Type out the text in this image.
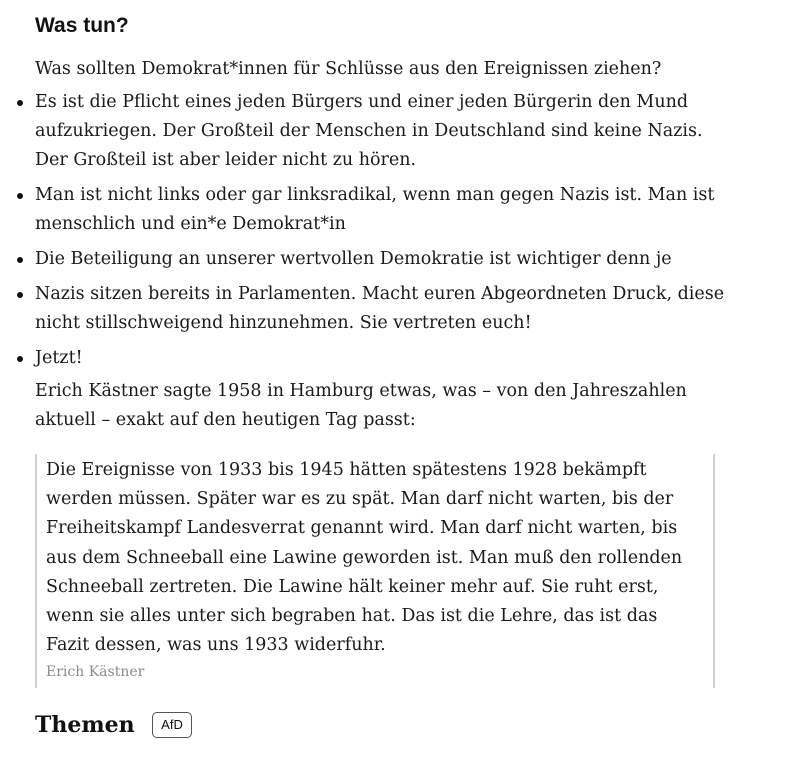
Was tun?

Was sollten Demokrat*innen für Schlüsse aus den Ereignissen ziehen?

Es ist die Pflicht eines jeden Bürgers und einer jeden Bürgerin den Mund aufzukriegen. Der Großteil der Menschen in Deutschland sind keine Nazis. Der Großteil ist aber leider nicht zu hören.
Man ist nicht links oder gar linksradikal, wenn man gegen Nazis ist. Man ist menschlich und ein*e Demokrat*in
Die Beteiligung an unserer wertvollen Demokratie ist wichtiger denn je
Nazis sitzen bereits in Parlamenten. Macht euren Abgeordneten Druck, diese nicht stillschweigend hinzunehmen. Sie vertreten euch!
Jetzt!

Erich Kästner sagte 1958 in Hamburg etwas, was – von den Jahreszahlen aktuell – exakt auf den heutigen Tag passt:

Die Ereignisse von 1933 bis 1945 hätten spätestens 1928 bekämpft werden müssen. Später war es zu spät. Man darf nicht warten, bis der Freiheitskampf Landesverrat genannt wird. Man darf nicht warten, bis aus dem Schneeball eine Lawine geworden ist. Man muß den rollenden Schneeball zertreten. Die Lawine hält keiner mehr auf. Sie ruht erst, wenn sie alles unter sich begraben hat. Das ist die Lehre, das ist das Fazit dessen, was uns 1933 widerfuhr.

Erich Kästner
Themen	AfD
